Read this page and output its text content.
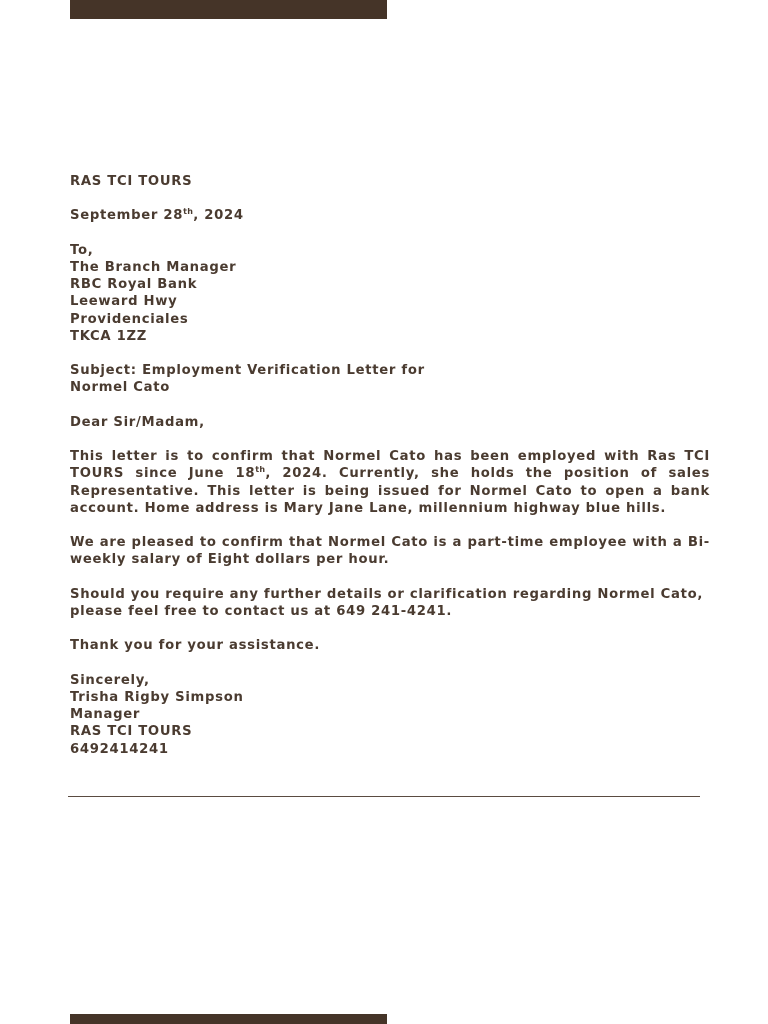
RAS TCI TOURS
September 28th, 2024
To,
The Branch Manager
RBC Royal Bank
Leeward Hwy
Providenciales
TKCA 1ZZ
Subject: Employment Verification Letter for
Normel Cato
Dear Sir/Madam,
This letter is to confirm that Normel Cato has been employed with Ras TCI
TOURS since June 18th, 2024. Currently, she holds the position of sales
Representative. This letter is being issued for Normel Cato to open a bank
account. Home address is Mary Jane Lane, millennium highway blue hills.
We are pleased to confirm that Normel Cato is a part-time employee with a Bi-
weekly salary of Eight dollars per hour.
Should you require any further details or clarification regarding Normel Cato,
please feel free to contact us at 649 241-4241.
Thank you for your assistance.
Sincerely,
Trisha Rigby Simpson
Manager
RAS TCI TOURS
6492414241
